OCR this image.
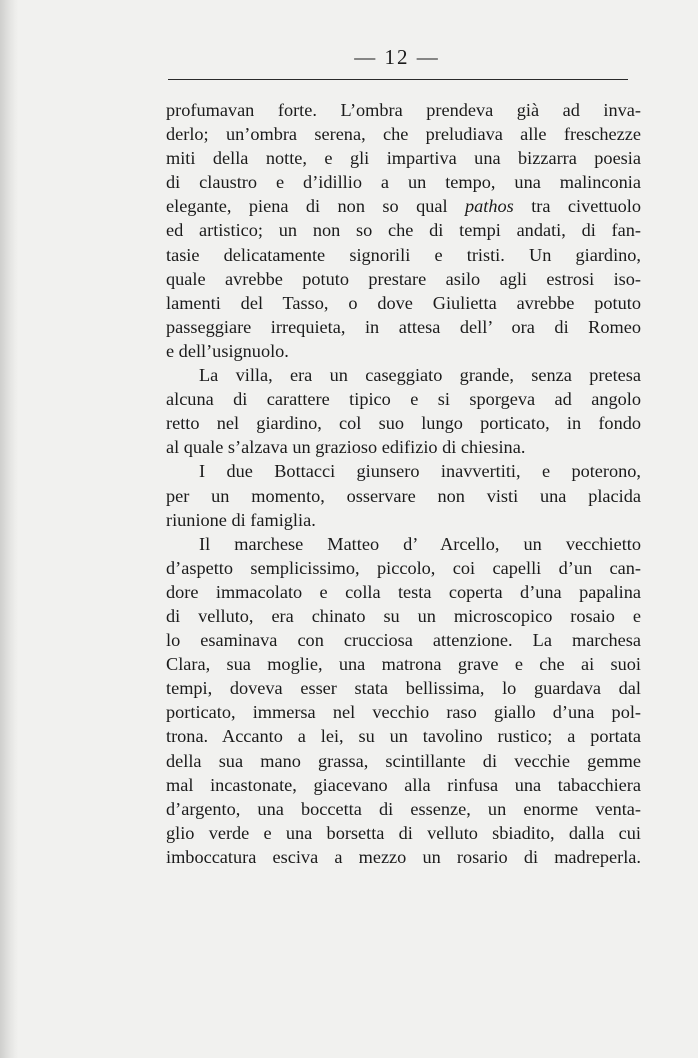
— 12 —
profumavan forte. L’ombra prendeva già ad inva-
derlo; un’ombra serena, che preludiava alle freschezze
miti della notte, e gli impartiva una bizzarra poesia
di claustro e d’idillio a un tempo, una malinconia
elegante, piena di non so qual pathos tra civettuolo
ed artistico; un non so che di tempi andati, di fan-
tasie delicatamente signorili e tristi. Un giardino,
quale avrebbe potuto prestare asilo agli estrosi iso-
lamenti del Tasso, o dove Giulietta avrebbe potuto
passeggiare irrequieta, in attesa dell’ ora di Romeo
e dell’usignuolo.
La villa, era un caseggiato grande, senza pretesa
alcuna di carattere tipico e si sporgeva ad angolo
retto nel giardino, col suo lungo porticato, in fondo
al quale s’alzava un grazioso edifizio di chiesina.
I due Bottacci giunsero inavvertiti, e poterono,
per un momento, osservare non visti una placida
riunione di famiglia.
Il marchese Matteo d’ Arcello, un vecchietto
d’aspetto semplicissimo, piccolo, coi capelli d’un can-
dore immacolato e colla testa coperta d’una papalina
di velluto, era chinato su un microscopico rosaio e
lo esaminava con crucciosa attenzione. La marchesa
Clara, sua moglie, una matrona grave e che ai suoi
tempi, doveva esser stata bellissima, lo guardava dal
porticato, immersa nel vecchio raso giallo d’una pol-
trona. Accanto a lei, su un tavolino rustico; a portata
della sua mano grassa, scintillante di vecchie gemme
mal incastonate, giacevano alla rinfusa una tabacchiera
d’argento, una boccetta di essenze, un enorme venta-
glio verde e una borsetta di velluto sbiadito, dalla cui
imboccatura esciva a mezzo un rosario di madreperla.
